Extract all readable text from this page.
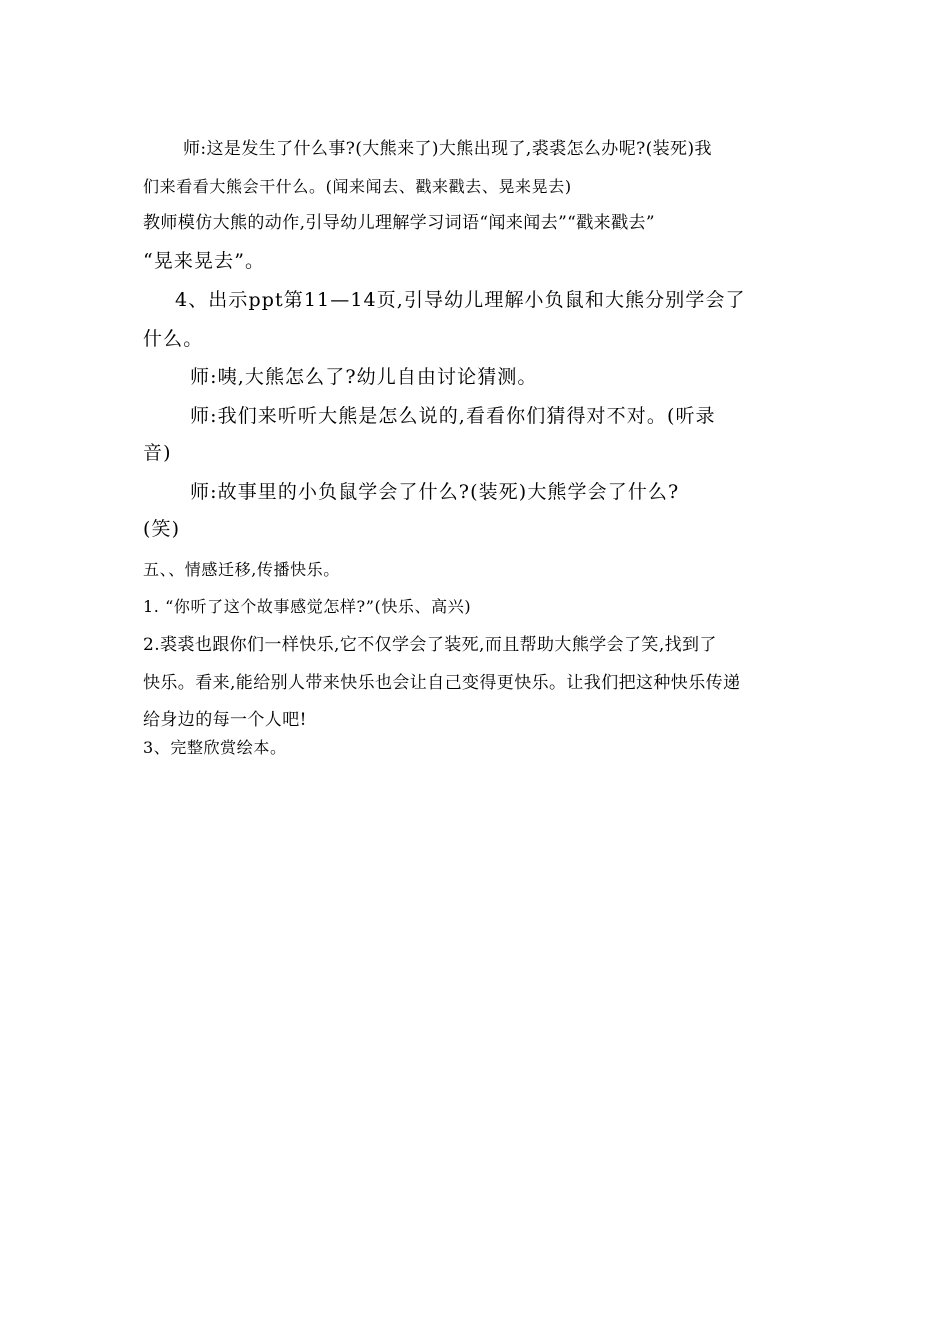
师:这是发生了什么事?(大熊来了)大熊出现了,裘裘怎么办呢?(装死)我
们来看看大熊会干什么。(闻来闻去、戳来戳去、晃来晃去)
教师模仿大熊的动作,引导幼儿理解学习词语“闻来闻去”“戳来戳去”
“晃来晃去”。
4、出示ppt第11—14页,引导幼儿理解小负鼠和大熊分别学会了
什么。
师:咦,大熊怎么了?幼儿自由讨论猜测。
师:我们来听听大熊是怎么说的,看看你们猜得对不对。(听录
音)
师:故事里的小负鼠学会了什么?(装死)大熊学会了什么?
(笑)
五、、情感迁移,传播快乐。
1. “你听了这个故事感觉怎样?”(快乐、高兴)
2.裘裘也跟你们一样快乐,它不仅学会了装死,而且帮助大熊学会了笑,找到了
快乐。看来,能给别人带来快乐也会让自己变得更快乐。让我们把这种快乐传递
给身边的每一个人吧!
3、完整欣赏绘本。
